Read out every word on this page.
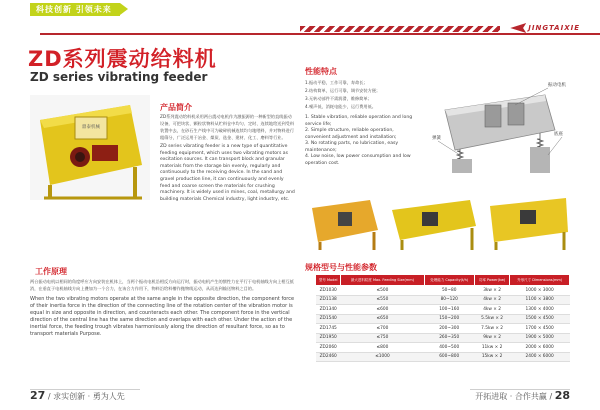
科技创新 引领未来
JINGTAIXIE
ZD系列震动给料机
ZD series vibrating feeder
鼎泰机械
产品简介

ZD系列震动给料机采用两台震动电机作为激振源的一种新型的直线振动设备，可把块状、颗粒状物料从贮料仓中均匀、定时、连续地给送到受料装置中去，在砂石生产线中可为破碎机械连续均匀地喂料，并对物料进行粗筛分，广泛运用于冶金、煤炭、选金、建材、化工、磨料等行业。

ZD series vibrating feeder is a new type of quantitative feeding equipment, which uses two vibrating motors as excitation sources. It can transport block and granular materials from the storage bin evenly, regularly and continuously to the receiving device. In the sand and gravel production line, it can continuously and evenly feed and coarse screen the materials for crushing machinery. It is widely used in mines, coal, metallurgy and building materials Chemical industry, light industry, etc.

工作原理

两台振动电机以相同的角度呼应方向安装在机体上，当两个振动电机沿相反方向运行时，振动电机产生的惯性力在平行于电机轴线方向上相互抵消，在垂直于电机轴线方向上叠加为一个合力，在该合力作用下，物料沿给料槽作抛物线运动，从而达到输送物料之目的。

When the two vibrating motors operate at the same angle in the opposite direction, the component force of their inertia force in the direction of the connecting line of the rotation center of the vibration motor is equal in size and opposite in direction, and counteracts each other. The component force in the vertical direction of the central line has the same direction and overlaps with each other. Under the action of the inertial force, the feeding trough vibrates harmoniously along the direction of resultant force, so as to transport materials Purpose.

性能特点

1.振动平稳，工作可靠，寿命长；

2.结构简单，运行可靠，调节安装方便；

3.无转动部件不需润滑，维修简单；

4.噪声低，消耗电能少，运行费用低。

1. Stable vibration, reliable operation and long service life;

2. Simple structure, reliable operation, convenient adjustment and installation;

3. No rotating parts, no lubrication, easy maintenance;

4. Low noise, low power consumption and low operation cost.

振动电机
弹簧
底座
规格型号与性能参数
型号 Model	最大进料粒度 Max. Feeding Size(mm)	处理能力 Capacity(t/h)	功率 Power(kw)	外形尺寸 Dimensions(mm)
ZD1030	≤500	50~80	3kw × 2	1000 × 3000
ZD1138	≤550	80~120	4kw × 2	1100 × 3800
ZD1340	≤600	100~160	4kw × 2	1300 × 4000
ZD1540	≤650	150~200	5.5kw × 2	1500 × 4500
ZD1745	≤700	200~300	7.5kw × 2	1700 × 4500
ZD1950	≤750	260~350	9kw × 2	1900 × 5000
ZD2060	≤800	400~500	11kw × 2	2000 × 6000
ZD2460	≤1000	600~800	15kw × 2	2400 × 6000
27 / 求实创新 · 勇为人先	开拓进取 · 合作共赢 / 28
